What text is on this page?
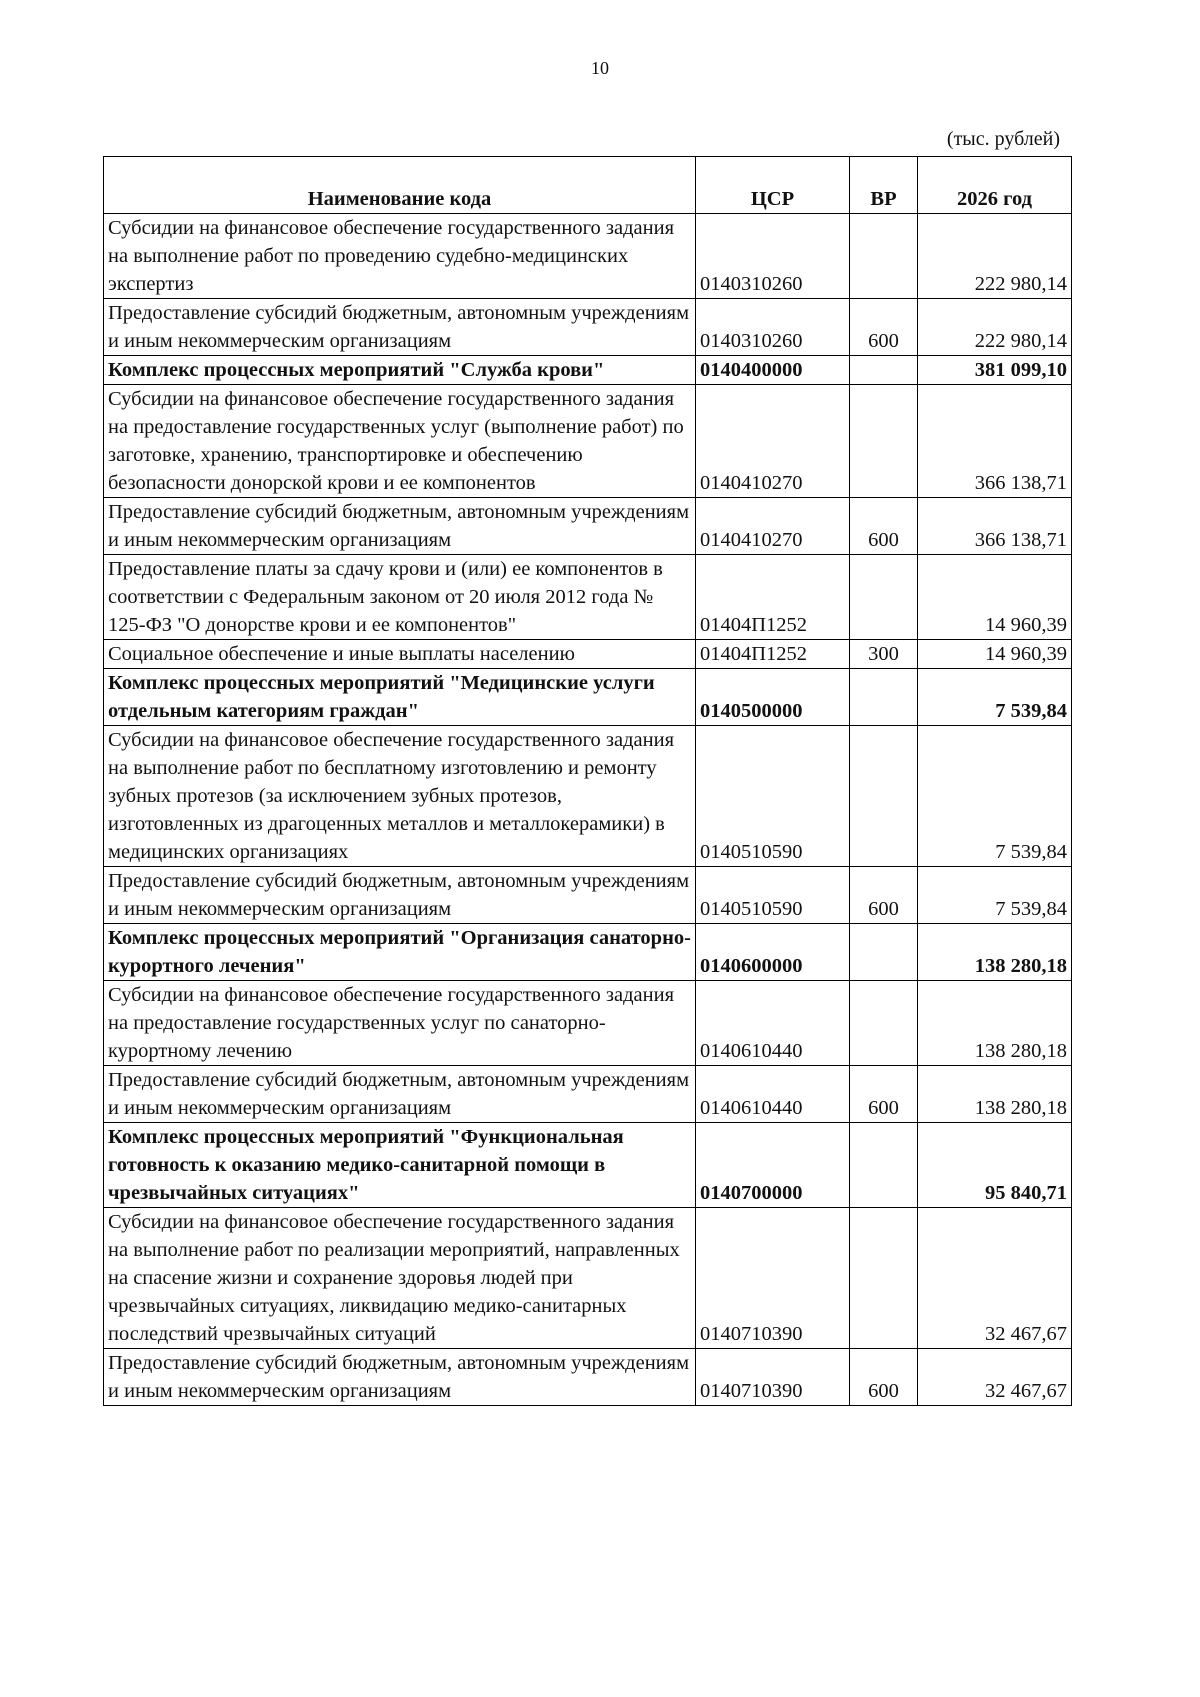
10
(тыс. рублей)
Наименование кода	ЦСР	ВР	2026 год
Субсидии на финансовое обеспечение государственного задания на выполнение работ по проведению судебно-медицинских экспертиз	0140310260		222 980,14
Предоставление субсидий бюджетным, автономным учреждениям и иным некоммерческим организациям	0140310260	600	222 980,14
Комплекс процессных мероприятий "Служба крови"	0140400000		381 099,10
Субсидии на финансовое обеспечение государственного задания на предоставление государственных услуг (выполнение работ) по заготовке, хранению, транспортировке и обеспечению безопасности донорской крови и ее компонентов	0140410270		366 138,71
Предоставление субсидий бюджетным, автономным учреждениям и иным некоммерческим организациям	0140410270	600	366 138,71
Предоставление платы за сдачу крови и (или) ее компонентов в соответствии с Федеральным законом от 20 июля 2012 года № 125-ФЗ "О донорстве крови и ее компонентов"	01404П1252		14 960,39
Социальное обеспечение и иные выплаты населению	01404П1252	300	14 960,39
Комплекс процессных мероприятий "Медицинские услуги отдельным категориям граждан"	0140500000		7 539,84
Субсидии на финансовое обеспечение государственного задания на выполнение работ по бесплатному изготовлению и ремонту зубных протезов (за исключением зубных протезов, изготовленных из драгоценных металлов и металлокерамики) в медицинских организациях	0140510590		7 539,84
Предоставление субсидий бюджетным, автономным учреждениям и иным некоммерческим организациям	0140510590	600	7 539,84
Комплекс процессных мероприятий "Организация санаторно-курортного лечения"	0140600000		138 280,18
Субсидии на финансовое обеспечение государственного задания на предоставление государственных услуг по санаторно-курортному лечению	0140610440		138 280,18
Предоставление субсидий бюджетным, автономным учреждениям и иным некоммерческим организациям	0140610440	600	138 280,18
Комплекс процессных мероприятий "Функциональная готовность к оказанию медико-санитарной помощи в чрезвычайных ситуациях"	0140700000		95 840,71
Субсидии на финансовое обеспечение государственного задания на выполнение работ по реализации мероприятий, направленных на спасение жизни и сохранение здоровья людей при чрезвычайных ситуациях, ликвидацию медико-санитарных последствий чрезвычайных ситуаций	0140710390		32 467,67
Предоставление субсидий бюджетным, автономным учреждениям и иным некоммерческим организациям	0140710390	600	32 467,67
